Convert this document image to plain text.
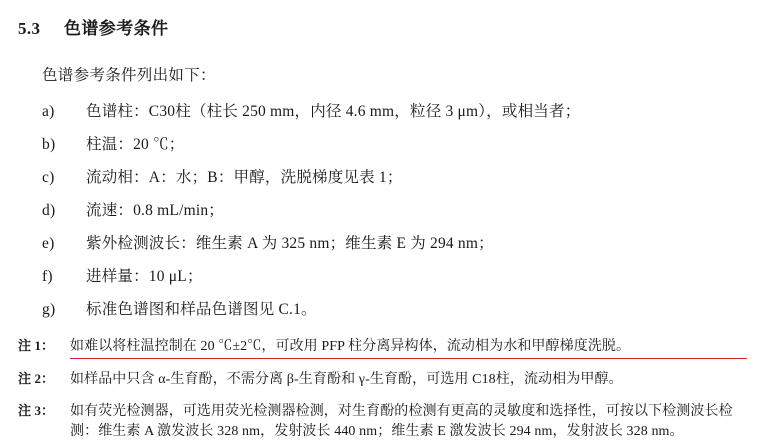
5.3	色谱参考条件
色谱参考条件列出如下：
a)	色谱柱：C30柱（柱长 250 mm，内径 4.6 mm，粒径 3 μm），或相当者；
b)	柱温：20 ℃；
c)	流动相：A：水；B：甲醇，洗脱梯度见表 1；
d)	流速：0.8 mL/min；
e)	紫外检测波长：维生素 A 为 325 nm；维生素 E 为 294 nm；
f)	进样量：10 μL；
g)	标准色谱图和样品色谱图见 C.1。
注 1：	如难以将柱温控制在 20 ℃±2℃，可改用 PFP 柱分离异构体，流动相为水和甲醇梯度洗脱。
注 2：	如样品中只含 α-生育酚，不需分离 β-生育酚和 γ-生育酚，可选用 C18柱，流动相为甲醇。
注 3：	如有荧光检测器，可选用荧光检测器检测，对生育酚的检测有更高的灵敏度和选择性，可按以下检测波长检测：维生素 A 激发波长 328 nm，发射波长 440 nm；维生素 E 激发波长 294 nm，发射波长 328 nm。
